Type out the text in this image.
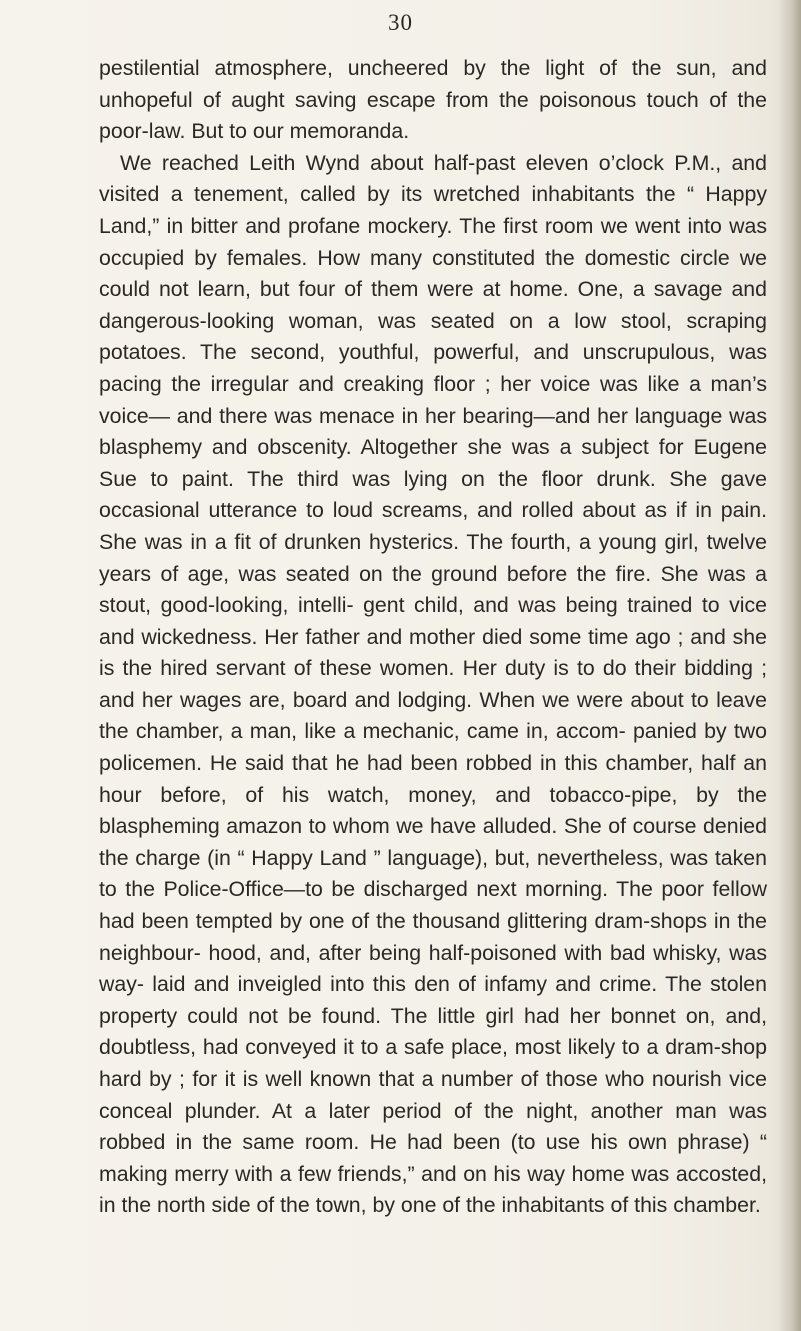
30

pestilential atmosphere, uncheered by the light of the sun, and unhopeful of aught saving escape from the poisonous touch of the poor-law. But to our memoranda.

We reached Leith Wynd about half-past eleven o’clock P.M., and visited a tenement, called by its wretched inhabitants the “ Happy Land,” in bitter and profane mockery. The first room we went into was occupied by females. How many constituted the domestic circle we could not learn, but four of them were at home. One, a savage and dangerous-looking woman, was seated on a low stool, scraping potatoes. The second, youthful, powerful, and unscrupulous, was pacing the irregular and creaking floor ; her voice was like a man’s voice— and there was menace in her bearing—and her language was blasphemy and obscenity. Altogether she was a subject for Eugene Sue to paint. The third was lying on the floor drunk. She gave occasional utterance to loud screams, and rolled about as if in pain. She was in a fit of drunken hysterics. The fourth, a young girl, twelve years of age, was seated on the ground before the fire. She was a stout, good-looking, intelli- gent child, and was being trained to vice and wickedness. Her father and mother died some time ago ; and she is the hired servant of these women. Her duty is to do their bidding ; and her wages are, board and lodging. When we were about to leave the chamber, a man, like a mechanic, came in, accom- panied by two policemen. He said that he had been robbed in this chamber, half an hour before, of his watch, money, and tobacco-pipe, by the blaspheming amazon to whom we have alluded. She of course denied the charge (in “ Happy Land ” language), but, nevertheless, was taken to the Police-Office—to be discharged next morning. The poor fellow had been tempted by one of the thousand glittering dram-shops in the neighbour- hood, and, after being half-poisoned with bad whisky, was way- laid and inveigled into this den of infamy and crime. The stolen property could not be found. The little girl had her bonnet on, and, doubtless, had conveyed it to a safe place, most likely to a dram-shop hard by ; for it is well known that a number of those who nourish vice conceal plunder. At a later period of the night, another man was robbed in the same room. He had been (to use his own phrase) “ making merry with a few friends,” and on his way home was accosted, in the north side of the town, by one of the inhabitants of this chamber.
